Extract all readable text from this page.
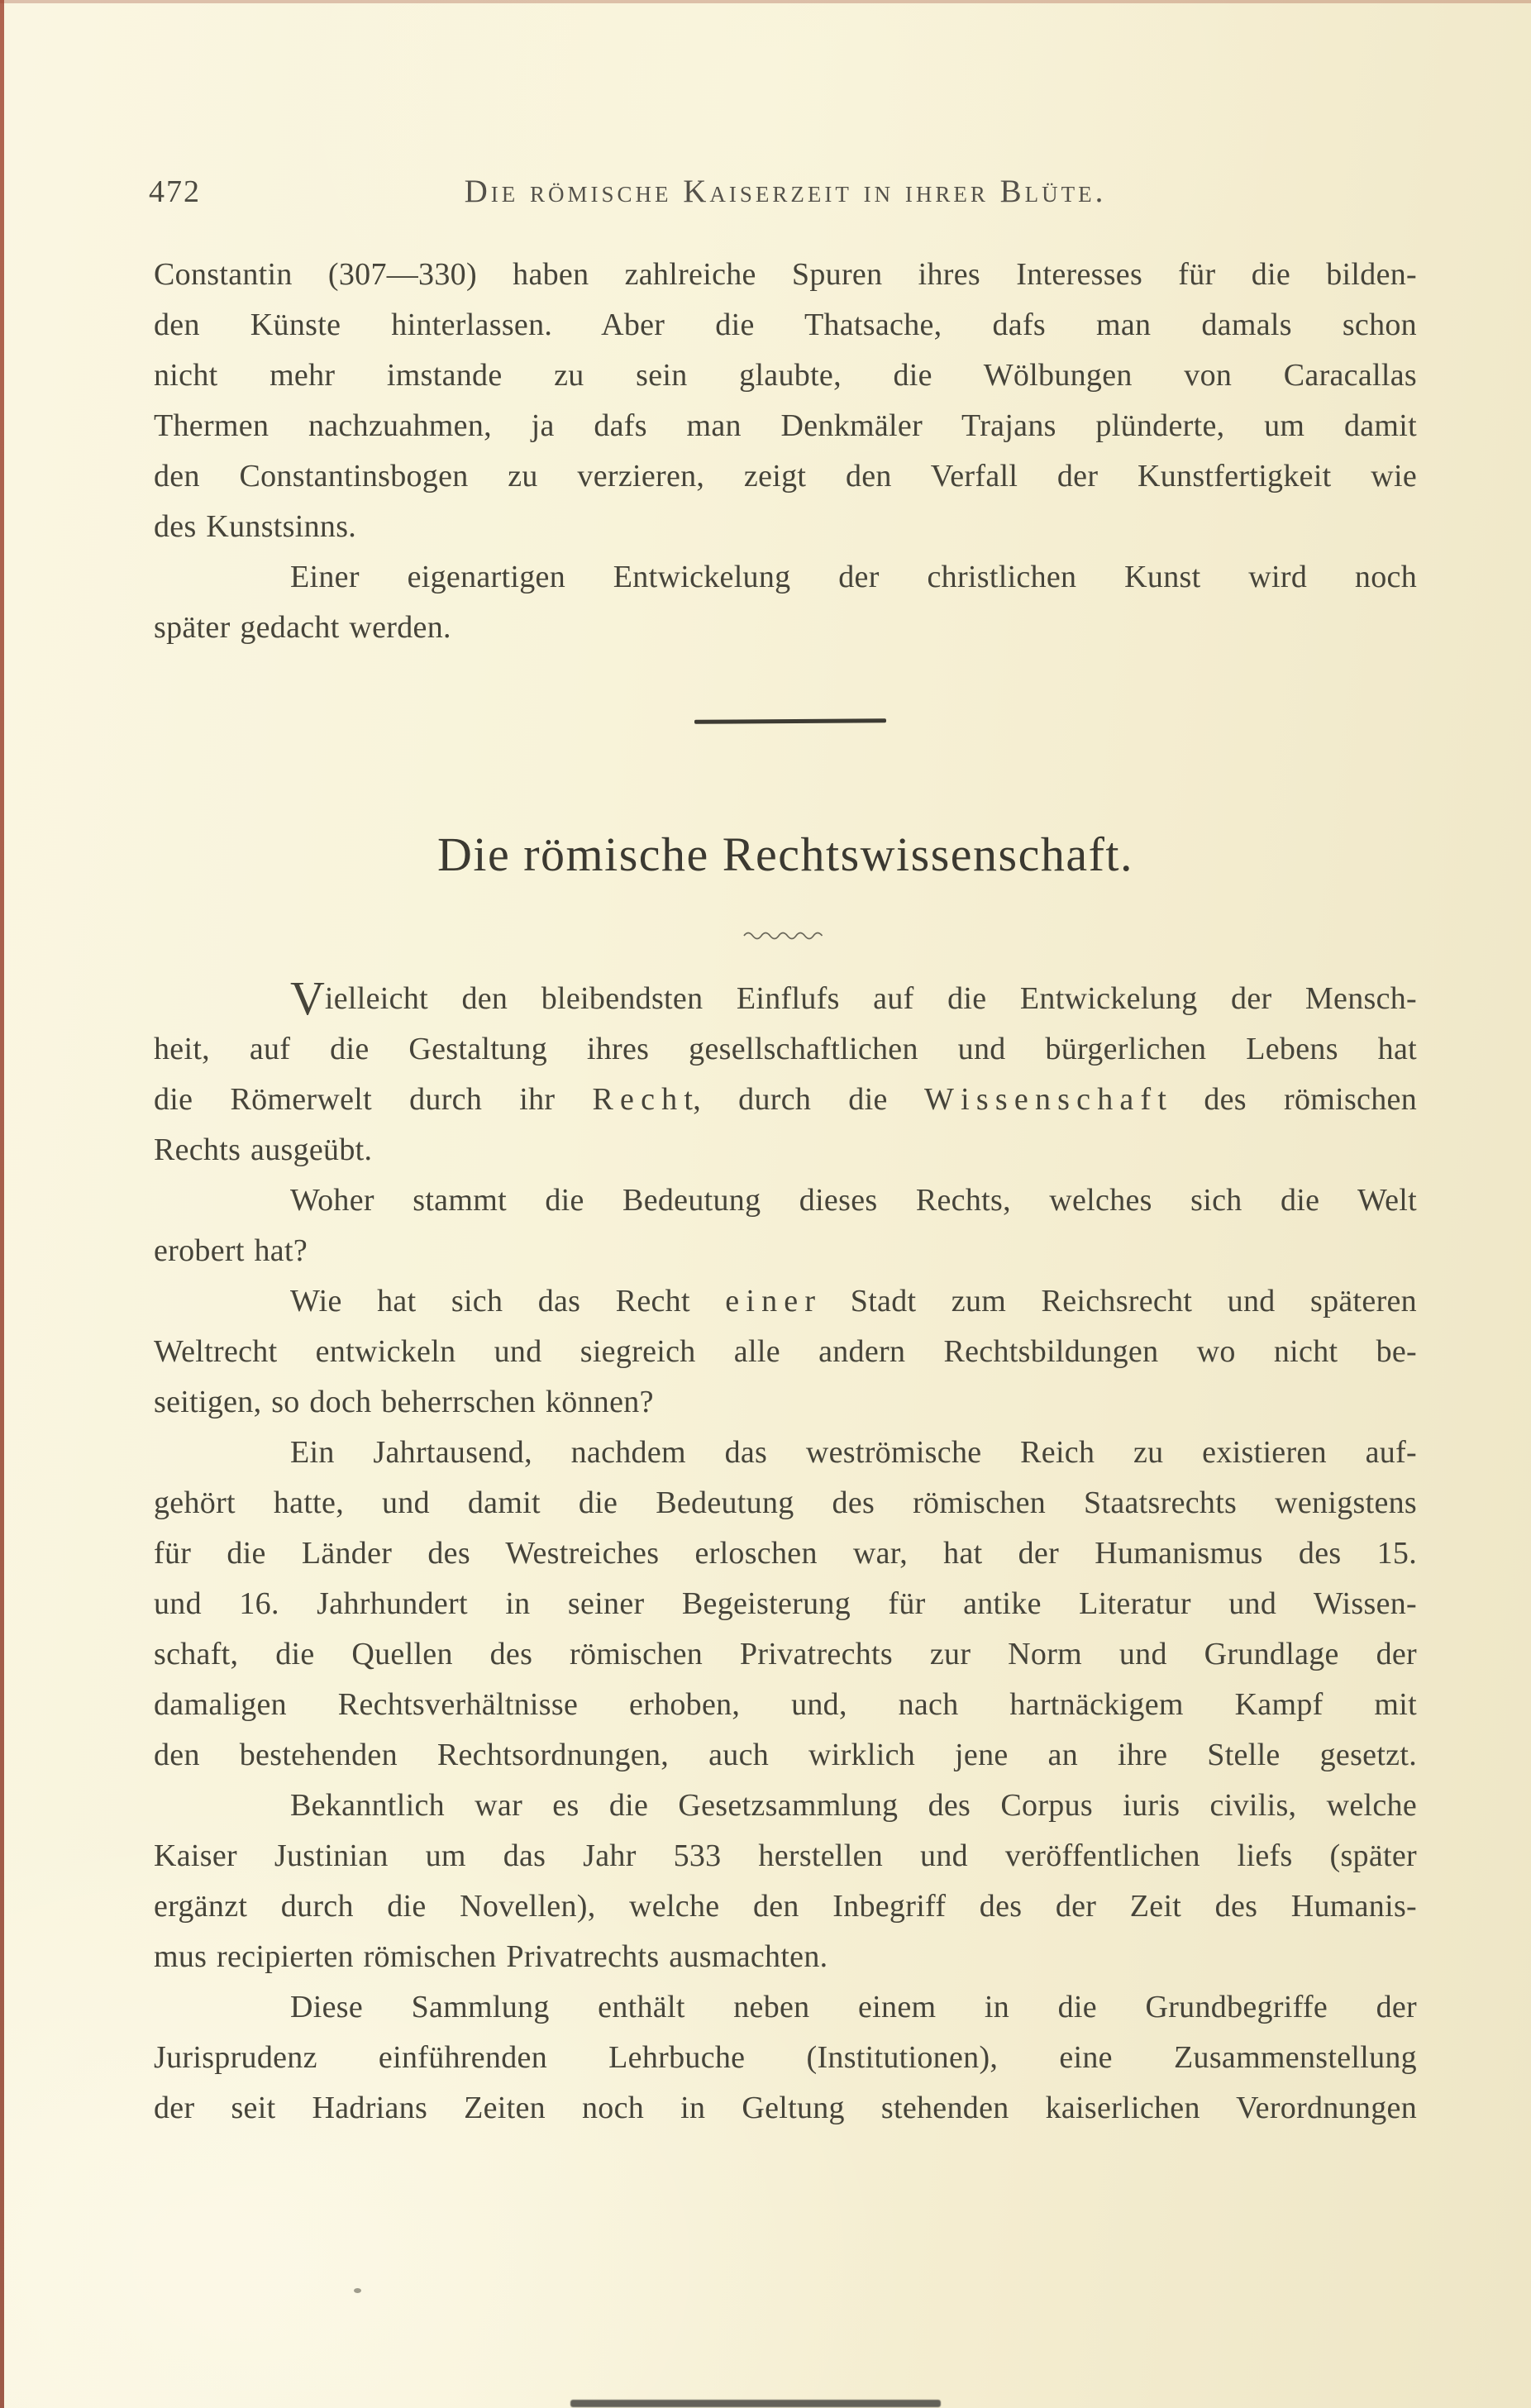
472	Die römische Kaiserzeit in ihrer Blüte.
Constantin (307—330) haben zahlreiche Spuren ihres Interesses für die bilden-
den Künste hinterlassen. Aber die Thatsache, dafs man damals schon
nicht mehr imstande zu sein glaubte, die Wölbungen von Caracallas
Thermen nachzuahmen, ja dafs man Denkmäler Trajans plünderte, um damit
den Constantinsbogen zu verzieren, zeigt den Verfall der Kunstfertigkeit wie
des Kunstsinns.
Einer eigenartigen Entwickelung der christlichen Kunst wird noch
später gedacht werden.
Die römische Rechtswissenschaft.
Vielleicht den bleibendsten Einflufs auf die Entwickelung der Mensch-
heit, auf die Gestaltung ihres gesellschaftlichen und bürgerlichen Lebens hat
die Römerwelt durch ihr R e c h t, durch die W i s s e n s c h a f t des römischen
Rechts ausgeübt.
Woher stammt die Bedeutung dieses Rechts, welches sich die Welt
erobert hat?
Wie hat sich das Recht e i n e r Stadt zum Reichsrecht und späteren
Weltrecht entwickeln und siegreich alle andern Rechtsbildungen wo nicht be-
seitigen, so doch beherrschen können?
Ein Jahrtausend, nachdem das weströmische Reich zu existieren auf-
gehört hatte, und damit die Bedeutung des römischen Staatsrechts wenigstens
für die Länder des Westreiches erloschen war, hat der Humanismus des 15.
und 16. Jahrhundert in seiner Begeisterung für antike Literatur und Wissen-
schaft, die Quellen des römischen Privatrechts zur Norm und Grundlage der
damaligen Rechtsverhältnisse erhoben, und, nach hartnäckigem Kampf mit
den bestehenden Rechtsordnungen, auch wirklich jene an ihre Stelle gesetzt.
Bekanntlich war es die Gesetzsammlung des Corpus iuris civilis, welche
Kaiser Justinian um das Jahr 533 herstellen und veröffentlichen liefs (später
ergänzt durch die Novellen), welche den Inbegriff des der Zeit des Humanis-
mus recipierten römischen Privatrechts ausmachten.
Diese Sammlung enthält neben einem in die Grundbegriffe der
Jurisprudenz einführenden Lehrbuche (Institutionen), eine Zusammenstellung
der seit Hadrians Zeiten noch in Geltung stehenden kaiserlichen Verordnungen
